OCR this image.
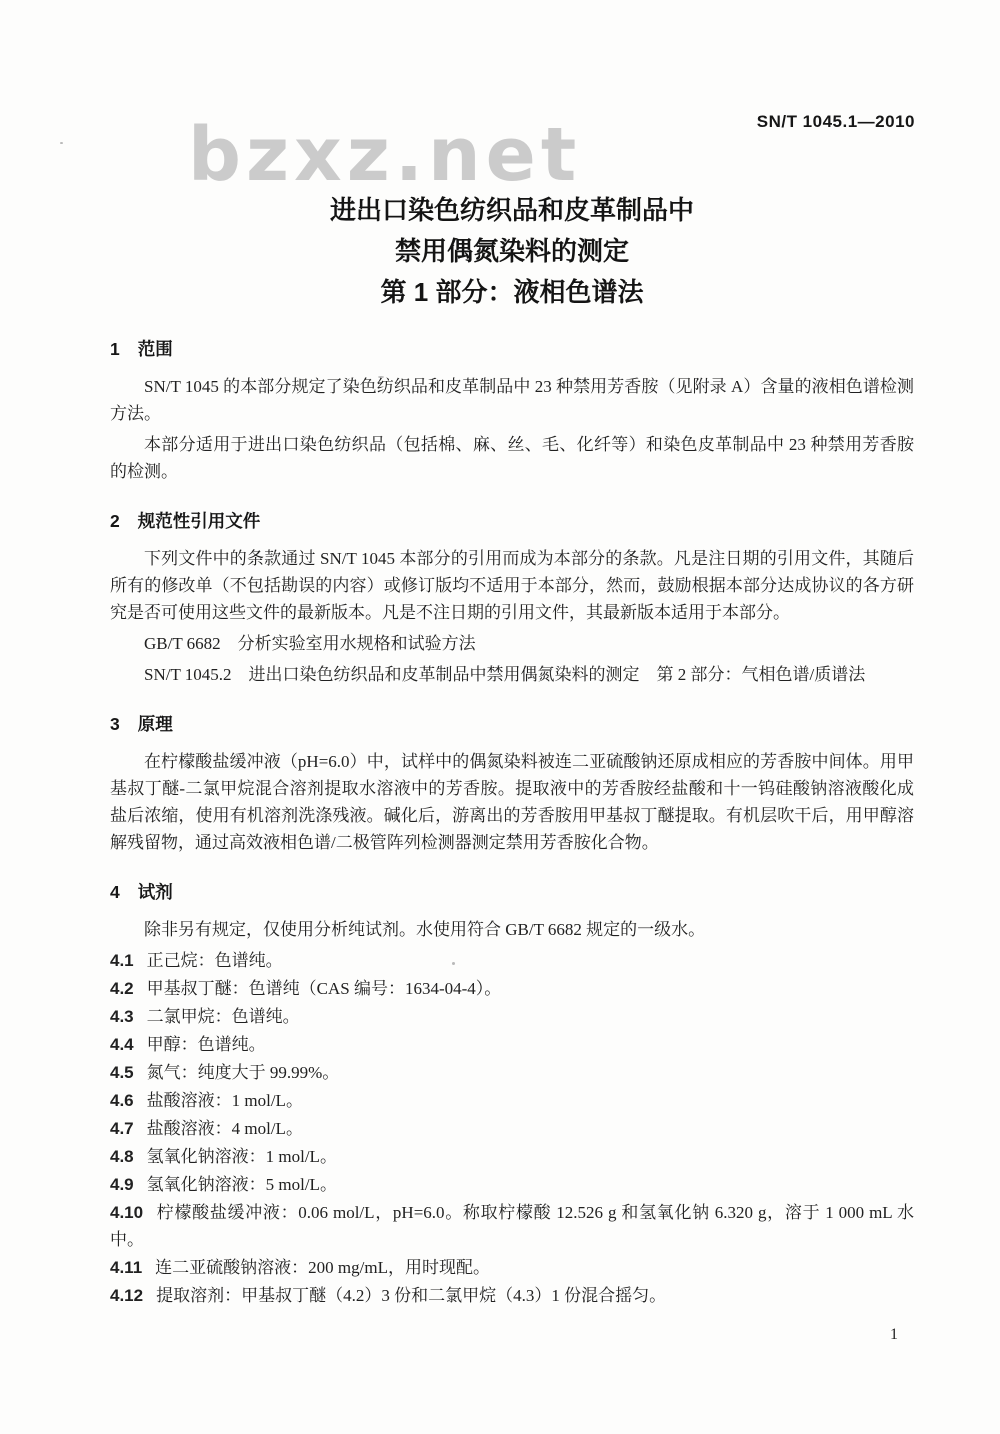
bzxz.net	SN/T 1045.1—2010
进出口染色纺织品和皮革制品中
禁用偶氮染料的测定
第 1 部分：液相色谱法
1 范围

SN/T 1045 的本部分规定了染色纺织品和皮革制品中 23 种禁用芳香胺（见附录 A）含量的液相色谱检测方法。

本部分适用于进出口染色纺织品（包括棉、麻、丝、毛、化纤等）和染色皮革制品中 23 种禁用芳香胺的检测。

2 规范性引用文件

下列文件中的条款通过 SN/T 1045 本部分的引用而成为本部分的条款。凡是注日期的引用文件，其随后所有的修改单（不包括勘误的内容）或修订版均不适用于本部分，然而，鼓励根据本部分达成协议的各方研究是否可使用这些文件的最新版本。凡是不注日期的引用文件，其最新版本适用于本部分。

GB/T 6682　分析实验室用水规格和试验方法

SN/T 1045.2　进出口染色纺织品和皮革制品中禁用偶氮染料的测定　第 2 部分：气相色谱/质谱法

3 原理

在柠檬酸盐缓冲液（pH=6.0）中，试样中的偶氮染料被连二亚硫酸钠还原成相应的芳香胺中间体。用甲基叔丁醚-二氯甲烷混合溶剂提取水溶液中的芳香胺。提取液中的芳香胺经盐酸和十一钨硅酸钠溶液酸化成盐后浓缩，使用有机溶剂洗涤残液。碱化后，游离出的芳香胺用甲基叔丁醚提取。有机层吹干后，用甲醇溶解残留物，通过高效液相色谱/二极管阵列检测器测定禁用芳香胺化合物。

4 试剂

除非另有规定，仅使用分析纯试剂。水使用符合 GB/T 6682 规定的一级水。

4.1 正己烷：色谱纯。

4.2 甲基叔丁醚：色谱纯（CAS 编号：1634-04-4）。

4.3 二氯甲烷：色谱纯。

4.4 甲醇：色谱纯。

4.5 氮气：纯度大于 99.99%。

4.6 盐酸溶液：1 mol/L。

4.7 盐酸溶液：4 mol/L。

4.8 氢氧化钠溶液：1 mol/L。

4.9 氢氧化钠溶液：5 mol/L。

4.10 柠檬酸盐缓冲液：0.06 mol/L，pH=6.0。称取柠檬酸 12.526 g 和氢氧化钠 6.320 g，溶于 1 000 mL 水中。

4.11 连二亚硫酸钠溶液：200 mg/mL，用时现配。

4.12 提取溶剂：甲基叔丁醚（4.2）3 份和二氯甲烷（4.3）1 份混合摇匀。

1
